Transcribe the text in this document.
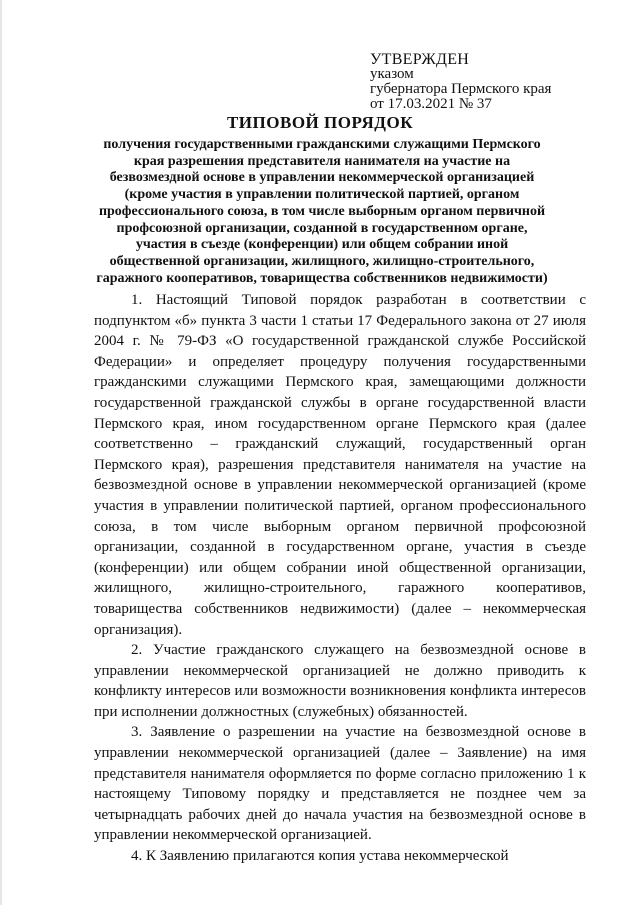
УТВЕРЖДЕН
указом
губернатора Пермского края
от 17.03.2021 № 37
ТИПОВОЙ ПОРЯДОК
получения государственными гражданскими служащими Пермского края разрешения представителя нанимателя на участие на безвозмездной основе в управлении некоммерческой организацией (кроме участия в управлении политической партией, органом профессионального союза, в том числе выборным органом первичной профсоюзной организации, созданной в государственном органе, участия в съезде (конференции) или общем собрании иной общественной организации, жилищного, жилищно-строительного, гаражного кооперативов, товарищества собственников недвижимости)

1. Настоящий Типовой порядок разработан в соответствии с подпунктом «б» пункта 3 части 1 статьи 17 Федерального закона от 27 июля 2004 г. № 79-ФЗ «О государственной гражданской службе Российской Федерации» и определяет процедуру получения государственными гражданскими служащими Пермского края, замещающими должности государственной гражданской службы в органе государственной власти Пермского края, ином государственном органе Пермского края (далее соответственно – гражданский служащий, государственный орган Пермского края), разрешения представителя нанимателя на участие на безвозмездной основе в управлении некоммерческой организацией (кроме участия в управлении политической партией, органом профессионального союза, в том числе выборным органом первичной профсоюзной организации, созданной в государственном органе, участия в съезде (конференции) или общем собрании иной общественной организации, жилищного, жилищно-строительного, гаражного кооперативов, товарищества собственников недвижимости) (далее – некоммерческая организация).

2. Участие гражданского служащего на безвозмездной основе в управлении некоммерческой организацией не должно приводить к конфликту интересов или возможности возникновения конфликта интересов при исполнении должностных (служебных) обязанностей.

3. Заявление о разрешении на участие на безвозмездной основе в управлении некоммерческой организацией (далее – Заявление) на имя представителя нанимателя оформляется по форме согласно приложению 1 к настоящему Типовому порядку и представляется не позднее чем за четырнадцать рабочих дней до начала участия на безвозмездной основе в управлении некоммерческой организацией.

4. К Заявлению прилагаются копия устава некоммерческой
